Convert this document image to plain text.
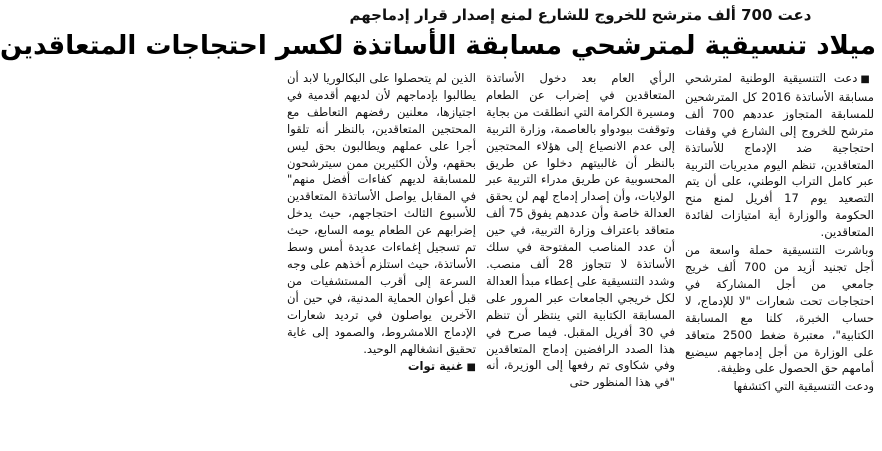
دعت 700 ألف مترشح للخروج للشارع لمنع إصدار قرار إدماجهم
ميلاد تنسيقية لمترشحي مسابقة الأساتذة لكسر احتجاجات المتعاقدين

■دعت التنسيقية الوطنية لمترشحي مسابقة الأساتذة 2016 كل المترشحين للمسابقة المتجاوز عددهم 700 ألف مترشح للخروج إلى الشارع في وقفات احتجاجية ضد الإدماج للأساتذة المتعاقدين، تنظم اليوم مديريات التربية عبر كامل التراب الوطني، على أن يتم التصعيد يوم 17 أفريل لمنع منح الحكومة والوزارة أية امتيازات لفائدة المتعاقدين.

وباشرت التنسيقية حملة واسعة من أجل تجنيد أزيد من 700 ألف خريج جامعي من أجل المشاركة في احتجاجات تحت شعارات "لا للإدماج، لا حساب الخبرة، كلنا مع المسابقة الكتابية"، معتبرة ضغط 2500 متعاقد على الوزارة من أجل إدماجهم سيضيع أمامهم حق الحصول على وظيفة.

ودعت التنسيقية التي اكتشفها

الرأي العام بعد دخول الأساتذة المتعاقدين في إضراب عن الطعام ومسيرة الكرامة التي انطلقت من بجاية وتوقفت ببودواو بالعاصمة، وزارة التربية إلى عدم الانصياع إلى هؤلاء المحتجين بالنظر أن غالبيتهم دخلوا عن طريق المحسوبية عن طريق مدراء التربية عبر الولايات، وأن إصدار إدماج لهم لن يحقق العدالة خاصة وأن عددهم يفوق 75 ألف متعاقد باعتراف وزارة التربية، في حين أن عدد المناصب المفتوحة في سلك الأساتذة لا تتجاوز 28 ألف منصب. وشدد التنسيقية على إعطاء مبدأ العدالة لكل خريجي الجامعات عبر المرور على المسابقة الكتابية التي ينتظر أن تنظم في 30 أفريل المقبل. فيما صرح في هذا الصدد الرافضين إدماج المتعاقدين وفي شكاوى تم رفعها إلى الوزيرة، أنه "في هذا المنظور حتى

الذين لم يتحصلوا على البكالوريا لابد أن يطالبوا بإدماجهم لأن لديهم أقدمية في اجتيازها، معلنين رفضهم التعاطف مع المحتجين المتعاقدين، بالنظر أنه تلقوا أجرا على عملهم ويطالبون بحق ليس بحقهم، ولأن الكثيرين ممن سيترشحون للمسابقة لديهم كفاءات أفضل منهم" في المقابل يواصل الأساتذة المتعاقدين للأسبوع الثالث احتجاجهم، حيث يدخل إضرابهم عن الطعام يومه السابع، حيث تم تسجيل إغماءات عديدة أمس وسط الأساتذة، حيث استلزم أخذهم على وجه السرعة إلى أقرب المستشفيات من قبل أعوان الحماية المدنية، في حين أن الآخرين يواصلون في ترديد شعارات الإدماج اللامشروط، والصمود إلى غاية تحقيق انشغالهم الوحيد.

■غنية توات
